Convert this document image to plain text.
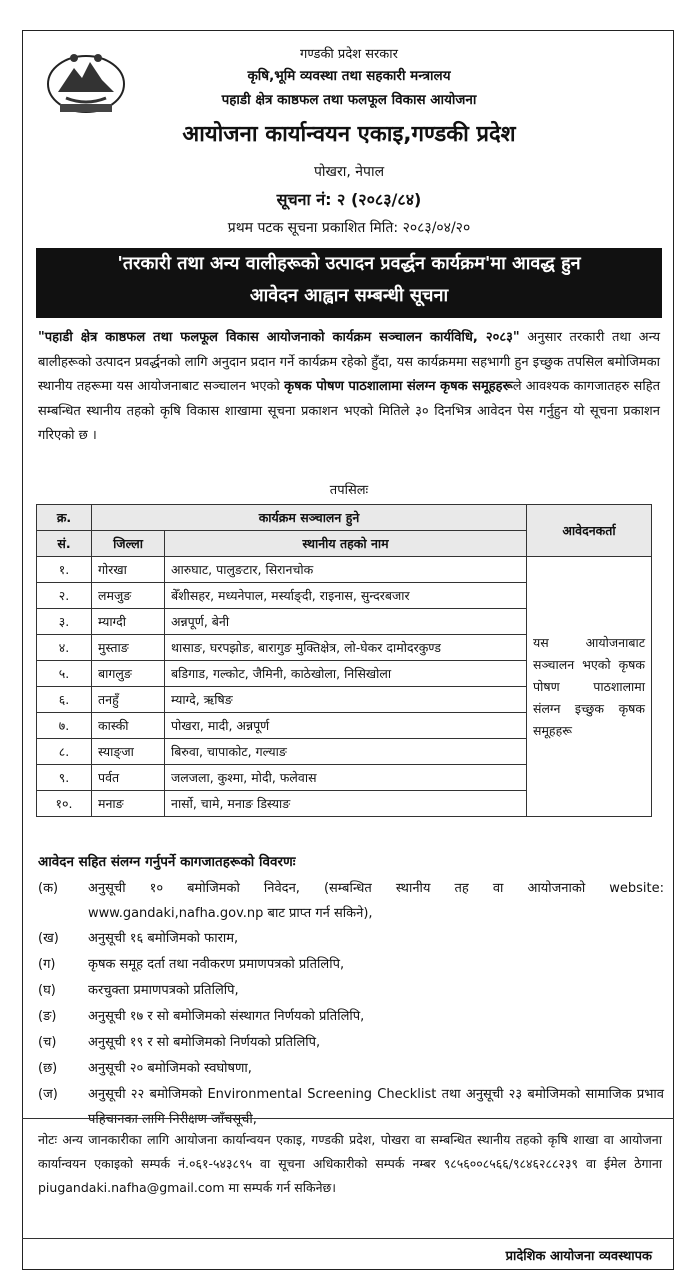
गण्डकी प्रदेश सरकार
कृषि,भूमि व्यवस्था तथा सहकारी मन्त्रालय
पहाडी क्षेत्र काष्ठफल तथा फलफूल विकास आयोजना
आयोजना कार्यान्वयन एकाइ,गण्डकी प्रदेश
पोखरा, नेपाल
सूचना नं: २ (२०८३/८४)
प्रथम पटक सूचना प्रकाशित मिति: २०८३/०४/२०
'तरकारी तथा अन्य वालीहरूको उत्पादन प्रवर्द्धन कार्यक्रम'मा आवद्ध हुन
आवेदन आह्वान सम्बन्धी सूचना
"पहाडी क्षेत्र काष्ठफल तथा फलफूल विकास आयोजनाको कार्यक्रम सञ्चालन कार्यविधि, २०८३" अनुसार तरकारी तथा अन्य बालीहरूको उत्पादन प्रवर्द्धनको लागि अनुदान प्रदान गर्ने कार्यक्रम रहेको हुँदा, यस कार्यक्रममा सहभागी हुन इच्छुक तपसिल बमोजिमका स्थानीय तहरूमा यस आयोजनाबाट सञ्चालन भएको कृषक पोषण पाठशालामा संलग्न कृषक समूहहरूले आवश्यक कागजातहरु सहित सम्बन्धित स्थानीय तहको कृषि विकास शाखामा सूचना प्रकाशन भएको मितिले ३० दिनभित्र आवेदन पेस गर्नुहुन यो सूचना प्रकाशन गरिएको छ ।
तपसिलः
क्र.	कार्यक्रम सञ्चालन हुने		आवेदनकर्ता
सं.	जिल्ला	स्थानीय तहको नाम	
१.	गोरखा	आरुघाट, पालुङटार, सिरानचोक	यस आयोजनाबाट सञ्चालन भएको कृषक पोषण पाठशालामा संलग्न इच्छुक कृषक समूहहरू
२.	लमजुङ	बेँशीसहर, मध्यनेपाल, मर्स्याङ्दी, राइनास, सुन्दरबजार	
३.	म्याग्दी	अन्नपूर्ण, बेनी	
४.	मुस्ताङ	थासाङ, घरपझोङ, बारागुङ मुक्तिक्षेत्र, लो-घेकर दामोदरकुण्ड	
५.	बागलुङ	बडिगाड, गल्कोट, जैमिनी, काठेखोला, निसिखोला	
६.	तनहुँ	म्याग्दे, ऋषिङ	
७.	कास्की	पोखरा, मादी, अन्नपूर्ण	
८.	स्याङ्जा	बिरुवा, चापाकोट, गल्याङ	
९.	पर्वत	जलजला, कुश्मा, मोदी, फलेवास	
१०.	मनाङ	नार्सो, चामे, मनाङ डिस्याङ	
आवेदन सहित संलग्न गर्नुपर्ने कागजातहरूको विवरणः
(क)	अनुसूची १० बमोजिमको निवेदन, (सम्बन्धित स्थानीय तह वा आयोजनाको website: www.gandaki,nafha.gov.np बाट प्राप्त गर्न सकिने),
(ख)	अनुसूची १६ बमोजिमको फाराम,
(ग)	कृषक समूह दर्ता तथा नवीकरण प्रमाणपत्रको प्रतिलिपि,
(घ)	करचुक्ता प्रमाणपत्रको प्रतिलिपि,
(ङ)	अनुसूची १७ र सो बमोजिमको संस्थागत निर्णयको प्रतिलिपि,
(च)	अनुसूची १९ र सो बमोजिमको निर्णयको प्रतिलिपि,
(छ)	अनुसूची २० बमोजिमको स्वघोषणा,
(ज)	अनुसूची २२ बमोजिमको Environmental Screening Checklist तथा अनुसूची २३ बमोजिमको सामाजिक प्रभाव पहिचानका लागि निरीक्षण जाँचसूची,
नोटः अन्य जानकारीका लागि आयोजना कार्यान्वयन एकाइ, गण्डकी प्रदेश, पोखरा वा सम्बन्धित स्थानीय तहको कृषि शाखा वा आयोजना कार्यान्वयन एकाइको सम्पर्क नं.०६१-५४३८९५ वा सूचना अधिकारीको सम्पर्क नम्बर ९८५६००८५६६/९८४६२८८२३९ वा ईमेल ठेगाना piugandaki.nafha@gmail.com मा सम्पर्क गर्न सकिनेछ।
प्रादेशिक आयोजना व्यवस्थापक
